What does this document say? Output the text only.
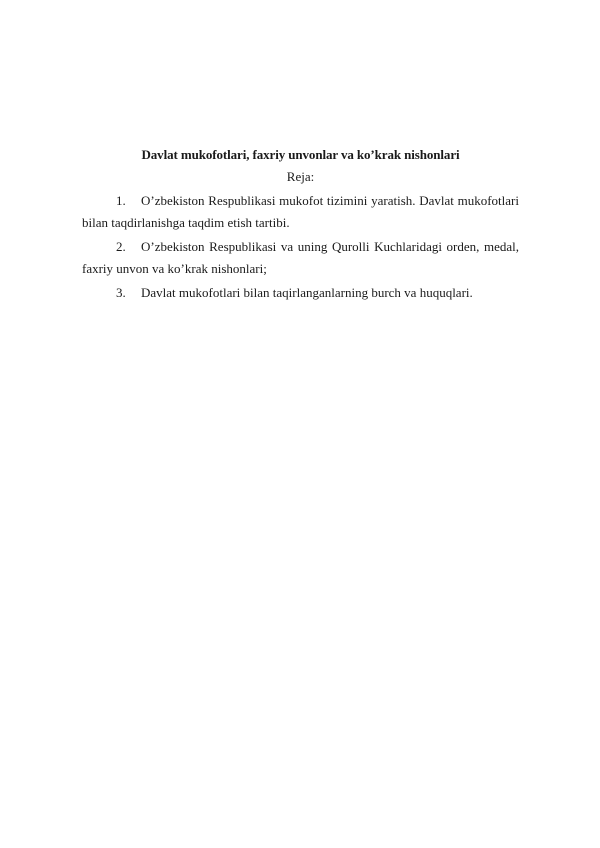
Davlat mukofotlari, faxriy unvonlar va ko’krak nishonlari
Reja:

1. O’zbekiston Respublikasi mukofot tizimini yaratish. Davlat mukofotlari bilan taqdirlanishga taqdim etish tartibi.

2. O’zbekiston Respublikasi va uning Qurolli Kuchlaridagi orden, medal, faxriy unvon va ko’krak nishonlari;

3. Davlat mukofotlari bilan taqirlanganlarning burch va huquqlari.
